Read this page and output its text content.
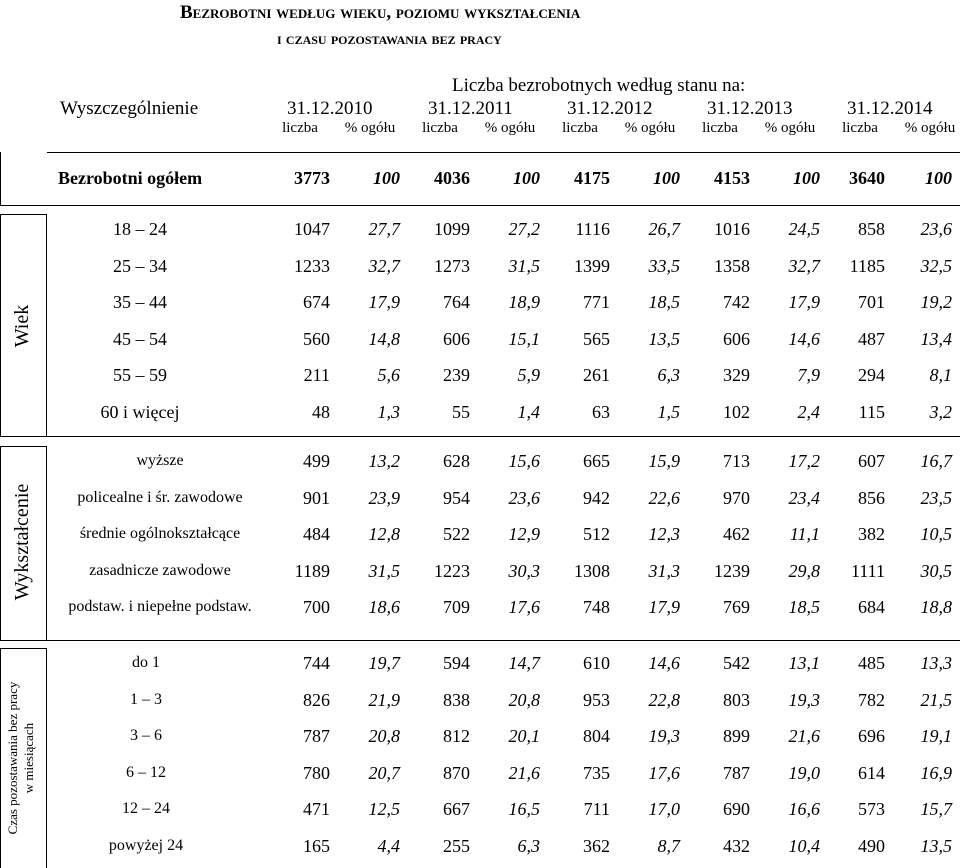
Bezrobotni według wieku, poziomu wykształcenia
i czasu pozostawania bez pracy
Wyszczególnienie
Liczba bezrobotnych według stanu na:
31.12.2010	31.12.2011	31.12.2012	31.12.2013	31.12.2014
liczba	% ogółu	liczba	% ogółu	liczba	% ogółu	liczba	% ogółu	liczba	% ogółu
Wiek
Wykształcenie
Czas pozostawania bez pracy w miesiącach
Bezrobotni ogółem	3773 100 4036 100 4175 100 4153 100 3640 100
18 – 24	1047 27,7 1099 27,2 1116 26,7 1016 24,5 858 23,6
25 – 34	1233 32,7 1273 31,5 1399 33,5 1358 32,7 1185 32,5
35 – 44	674 17,9 764 18,9 771 18,5 742 17,9 701 19,2
45 – 54	560 14,8 606 15,1 565 13,5 606 14,6 487 13,4
55 – 59	211	5,6 239	5,9 261	6,3 329	7,9 294 8,1
60 i więcej	48	1,3	55	1,4	63	1,5 102	2,4 115 3,2
wyższe	499 13,2 628 15,6 665 15,9 713 17,2 607 16,7
policealne i śr. zawodowe	901 23,9 954 23,6 942 22,6 970 23,4 856 23,5
średnie ogólnokształcące	484 12,8 522 12,9 512 12,3 462 11,1 382 10,5
zasadnicze zawodowe	1189 31,5 1223 30,3 1308 31,3 1239 29,8 1111 30,5
podstaw. i niepełne podstaw.	700 18,6 709 17,6 748 17,9 769 18,5 684 18,8
do 1	744 19,7 594 14,7 610 14,6 542 13,1 485 13,3
1 – 3	826 21,9 838 20,8 953 22,8 803 19,3 782 21,5
3 – 6	787 20,8 812 20,1 804 19,3 899 21,6 696 19,1
6 – 12	780 20,7 870 21,6 735 17,6 787 19,0 614 16,9
12 – 24	471 12,5 667 16,5 711 17,0 690 16,6 573 15,7
powyżej 24	165	4,4 255	6,3 362	8,7 432 10,4 490 13,5
